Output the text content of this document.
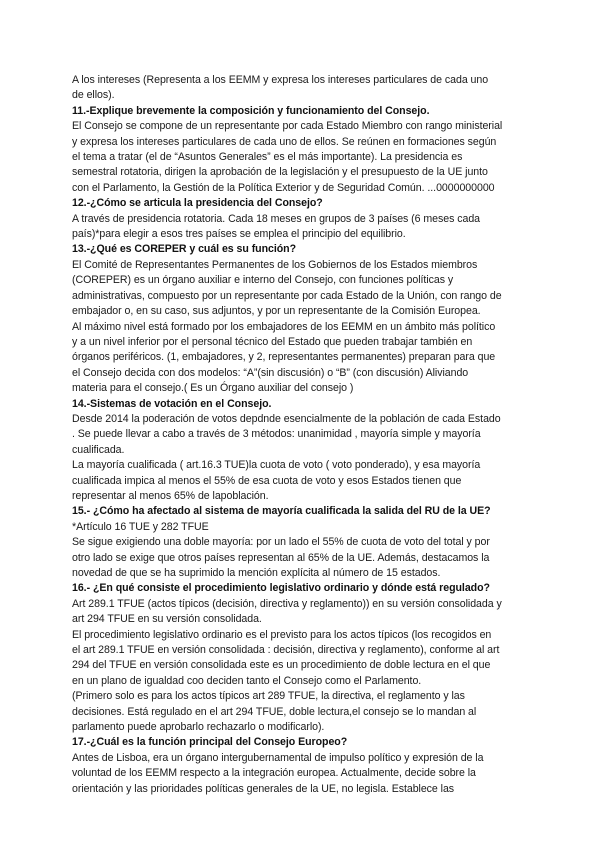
A los intereses (Representa a los EEMM y expresa los intereses particulares de cada uno

de ellos).

11.-Explique brevemente la composición y funcionamiento del Consejo.

El Consejo se compone de un representante por cada Estado Miembro con rango ministerial

y expresa los intereses particulares de cada uno de ellos. Se reúnen en formaciones según

el tema a tratar (el de “Asuntos Generales” es el más importante). La presidencia es

semestral rotatoria, dirigen la aprobación de la legislación y el presupuesto de la UE junto

con el Parlamento, la Gestión de la Política Exterior y de Seguridad Común. ...0000000000

12.-¿Cómo se articula la presidencia del Consejo?

A través de presidencia rotatoria. Cada 18 meses en grupos de 3 países (6 meses cada

país)*para elegir a esos tres países se emplea el principio del equilibrio.

13.-¿Qué es COREPER y cuál es su función?

El Comité de Representantes Permanentes de los Gobiernos de los Estados miembros

(COREPER) es un órgano auxiliar e interno del Consejo, con funciones políticas y

administrativas, compuesto por un representante por cada Estado de la Unión, con rango de

embajador o, en su caso, sus adjuntos, y por un representante de la Comisión Europea.

Al máximo nivel está formado por los embajadores de los EEMM en un ámbito más político

y a un nivel inferior por el personal técnico del Estado que pueden trabajar también en

órganos periféricos. (1, embajadores, y 2, representantes permanentes) preparan para que

el Consejo decida con dos modelos: “A”(sin discusión) o “B” (con discusión) Aliviando

materia para el consejo.( Es un Órgano auxiliar del consejo )

14.-Sistemas de votación en el Consejo.

Desde 2014 la poderación de votos depdnde esencialmente de la población de cada Estado

. Se puede llevar a cabo a través de 3 métodos: unanimidad , mayoría simple y mayoría

cualificada.

La mayoría cualificada ( art.16.3 TUE)la cuota de voto ( voto ponderado), y esa mayoría

cualificada impica al menos el 55% de esa cuota de voto y esos Estados tienen que

representar al menos 65% de lapoblación.

15.- ¿Cómo ha afectado al sistema de mayoría cualificada la salida del RU de la UE?

*Artículo 16 TUE y 282 TFUE

Se sigue exigiendo una doble mayoría: por un lado el 55% de cuota de voto del total y por

otro lado se exige que otros países representan al 65% de la UE. Además, destacamos la

novedad de que se ha suprimido la mención explícita al número de 15 estados.

16.- ¿En qué consiste el procedimiento legislativo ordinario y dónde está regulado?

Art 289.1 TFUE (actos típicos (decisión, directiva y reglamento)) en su versión consolidada y

art 294 TFUE en su versión consolidada.

El procedimiento legislativo ordinario es el previsto para los actos típicos (los recogidos en

el art 289.1 TFUE en versión consolidada : decisión, directiva y reglamento), conforme al art

294 del TFUE en versión consolidada este es un procedimiento de doble lectura en el que

en un plano de igualdad coo deciden tanto el Consejo como el Parlamento.

(Primero solo es para los actos típicos art 289 TFUE, la directiva, el reglamento y las

decisiones. Está regulado en el art 294 TFUE, doble lectura,el consejo se lo mandan al

parlamento puede aprobarlo rechazarlo o modificarlo).

17.-¿Cuál es la función principal del Consejo Europeo?

Antes de Lisboa, era un órgano intergubernamental de impulso político y expresión de la

voluntad de los EEMM respecto a la integración europea. Actualmente, decide sobre la

orientación y las prioridades políticas generales de la UE, no legisla. Establece las
